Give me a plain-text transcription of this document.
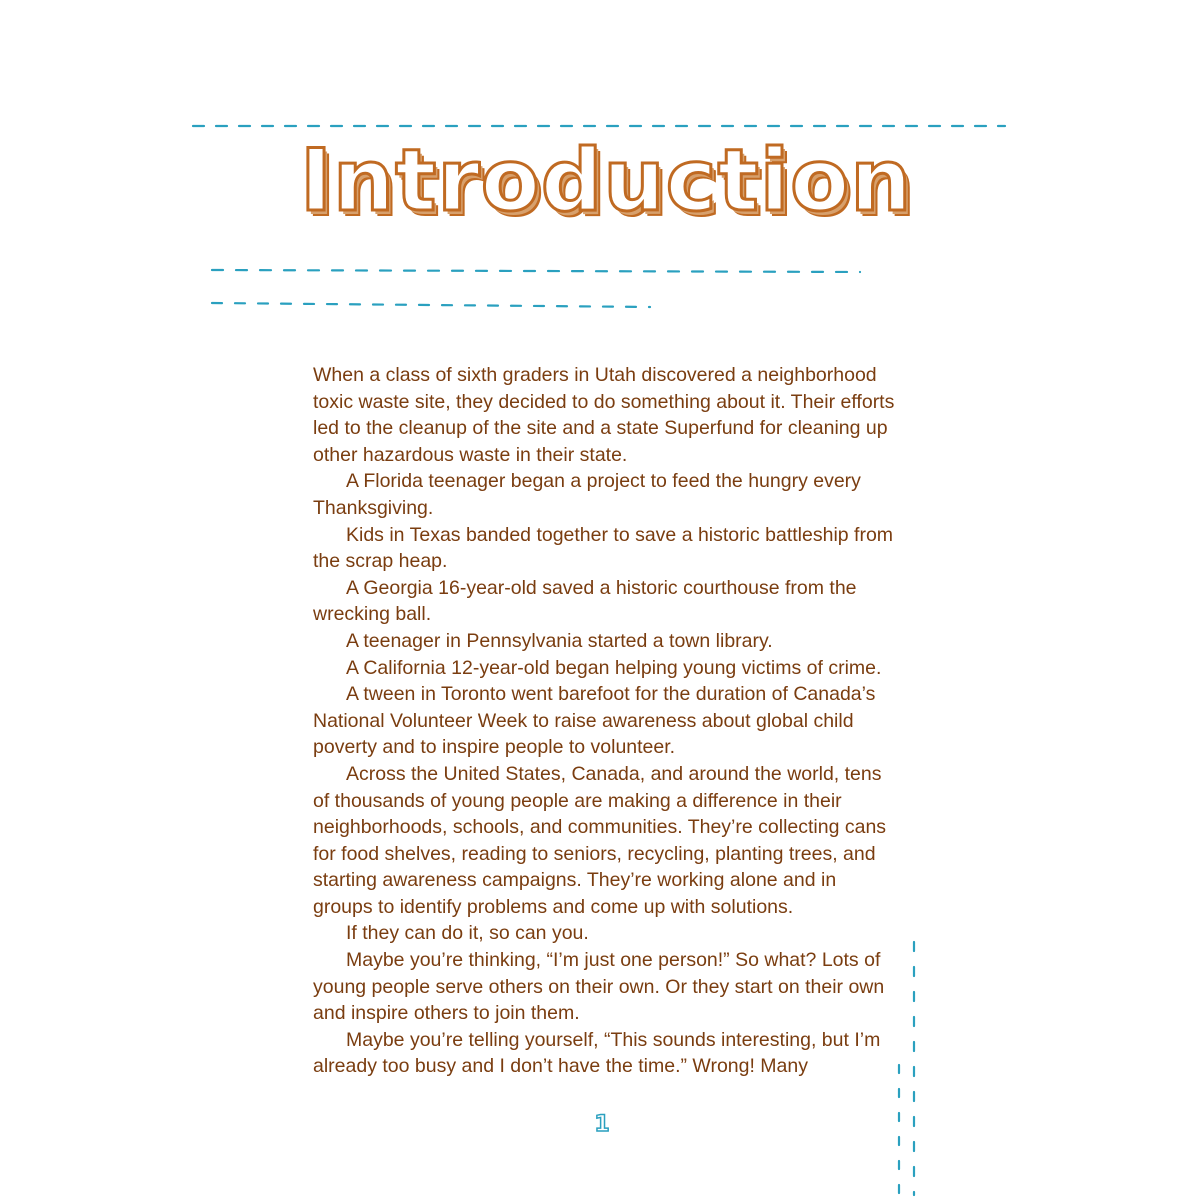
Introduction

When a class of sixth graders in Utah discovered a neighborhood toxic waste site, they decided to do something about it. Their efforts led to the cleanup of the site and a state Superfund for cleaning up other hazardous waste in their state.

A Florida teenager began a project to feed the hungry every Thanksgiving.

Kids in Texas banded together to save a historic battleship from the scrap heap.

A Georgia 16-year-old saved a historic courthouse from the wrecking ball.

A teenager in Pennsylvania started a town library.

A California 12-year-old began helping young victims of crime.

A tween in Toronto went barefoot for the duration of Canada’s National Volunteer Week to raise awareness about global child poverty and to inspire people to volunteer.

Across the United States, Canada, and around the world, tens of thousands of young people are making a difference in their neighborhoods, schools, and communities. They’re collecting cans for food shelves, reading to seniors, recycling, planting trees, and starting awareness campaigns. They’re working alone and in groups to identify problems and come up with solutions.

If they can do it, so can you.

Maybe you’re thinking, “I’m just one person!” So what? Lots of young people serve others on their own. Or they start on their own and inspire others to join them.

Maybe you’re telling yourself, “This sounds interesting, but I’m already too busy and I don’t have the time.” Wrong! Many

1
